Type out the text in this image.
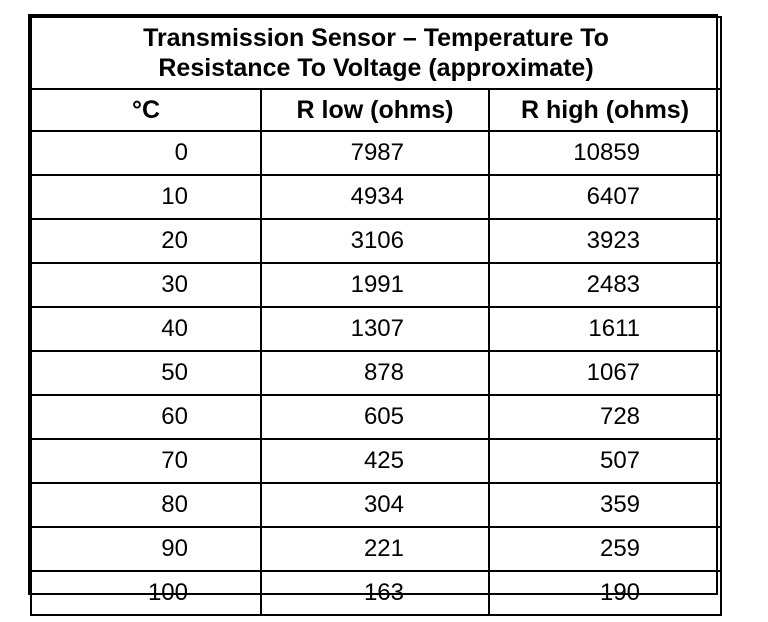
Transmission Sensor – Temperature To
Resistance To Voltage (approximate)		

°C	R low (ohms)	R high (ohms)
0	7987	10859
10	4934	6407
20	3106	3923
30	1991	2483
40	1307	1611
50	878	1067
60	605	728
70	425	507
80	304	359
90	221	259
100	163	190
